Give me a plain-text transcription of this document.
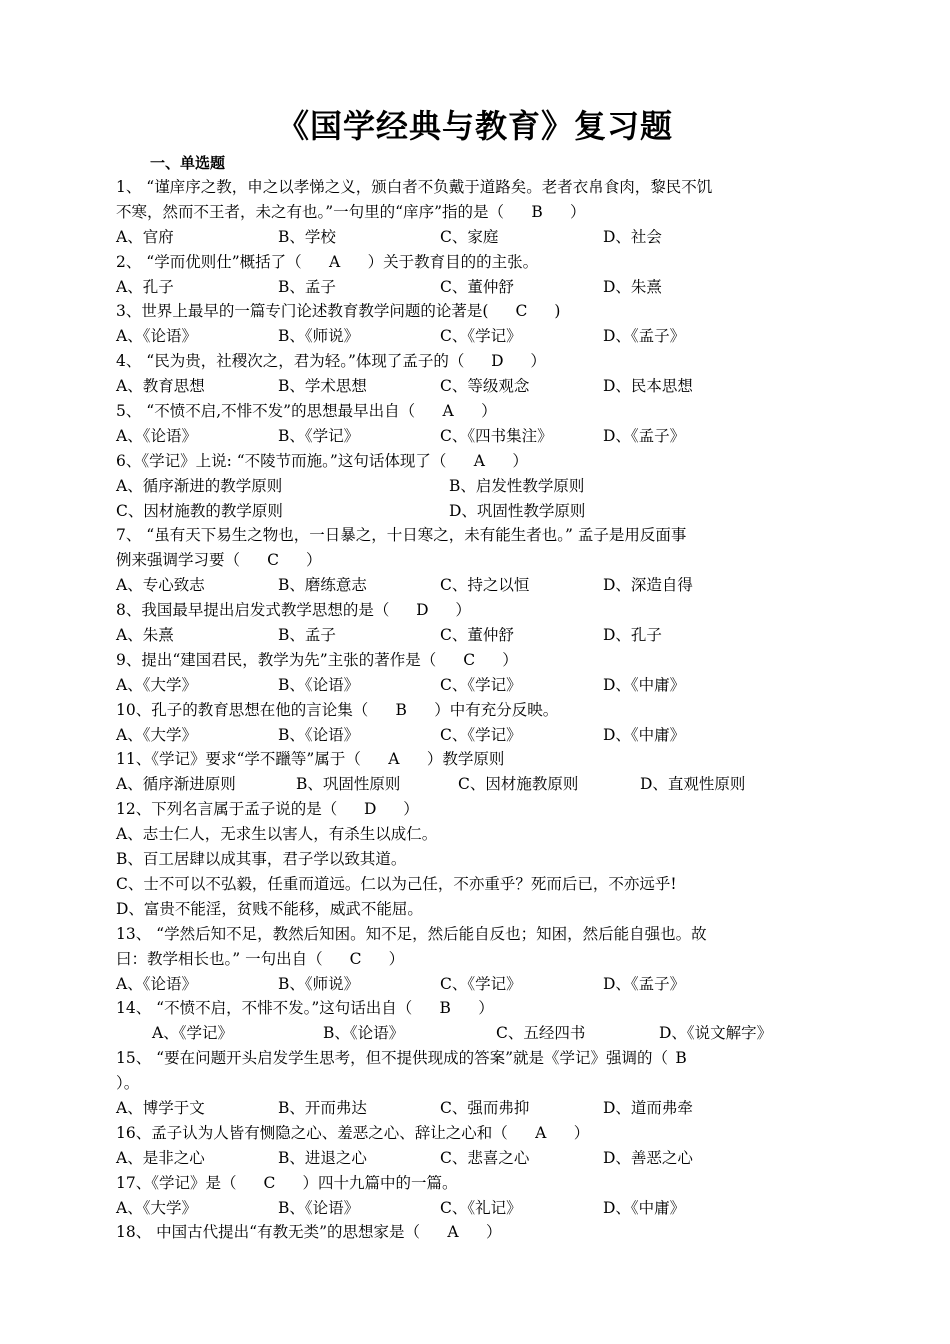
《国学经典与教育》复习题
一、单选题
1、 “谨庠序之教，申之以孝悌之义，颁白者不负戴于道路矣。老者衣帛食肉，黎民不饥
不寒，然而不王者，未之有也。”一句里的“庠序”指的是（ B ）
A、官府	B、学校	C、家庭	D、社会
2、 “学而优则仕”概括了（ A ）关于教育目的的主张。
A、孔子	B、孟子	C、董仲舒	D、朱熹
3、世界上最早的一篇专门论述教育教学问题的论著是( C )
A、《论语》	B、《师说》	C、《学记》	D、《孟子》
4、 “民为贵，社稷次之，君为轻。”体现了孟子的（ D ）
A、教育思想	B、学术思想	C、等级观念	D、民本思想
5、 “不愤不启,不悱不发”的思想最早出自（ A ）
A、《论语》	B、《学记》	C、《四书集注》	D、《孟子》
6、《学记》上说: “不陵节而施。”这句话体现了（ A ）
A、循序渐进的教学原则	B、启发性教学原则
C、因材施教的教学原则	D、巩固性教学原则
7、 “虽有天下易生之物也，一日暴之，十日寒之，未有能生者也。” 孟子是用反面事
例来强调学习要（ C ）
A、专心致志	B、磨练意志	C、持之以恒	D、深造自得
8、我国最早提出启发式教学思想的是（ D ）
A、朱熹	B、孟子	C、董仲舒	D、孔子
9、提出“建国君民，教学为先”主张的著作是（ C ）
A、《大学》	B、《论语》	C、《学记》	D、《中庸》
10、孔子的教育思想在他的言论集（ B ）中有充分反映。
A、《大学》	B、《论语》	C、《学记》	D、《中庸》
11、《学记》要求“学不躐等”属于（ A ）教学原则
A、循序渐进原则	B、巩固性原则	C、因材施教原则	D、直观性原则
12、下列名言属于孟子说的是（ D ）
A、志士仁人，无求生以害人，有杀生以成仁。
B、百工居肆以成其事，君子学以致其道。
C、士不可以不弘毅，任重而道远。仁以为己任，不亦重乎？死而后已，不亦远乎!
D、富贵不能淫，贫贱不能移，威武不能屈。
13、 “学然后知不足，教然后知困。知不足，然后能自反也；知困，然后能自强也。故
曰：教学相长也。” 一句出自（ C ）
A、《论语》	B、《师说》	C、《学记》	D、《孟子》
14、 “不愤不启，不悱不发。”这句话出自（ B ）
A、《学记》	B、《论语》	C、五经四书	D、《说文解字》
15、 “要在问题开头启发学生思考，但不提供现成的答案”就是《学记》强调的（ B
）。
A、博学于文	B、开而弗达	C、强而弗抑	D、道而弗牵
16、孟子认为人皆有恻隐之心、羞恶之心、辞让之心和（ A ）
A、是非之心	B、进退之心	C、悲喜之心	D、善恶之心
17、《学记》是（ C ）四十九篇中的一篇。
A、《大学》	B、《论语》	C、《礼记》	D、《中庸》
18、 中国古代提出“有教无类”的思想家是（ A ）
